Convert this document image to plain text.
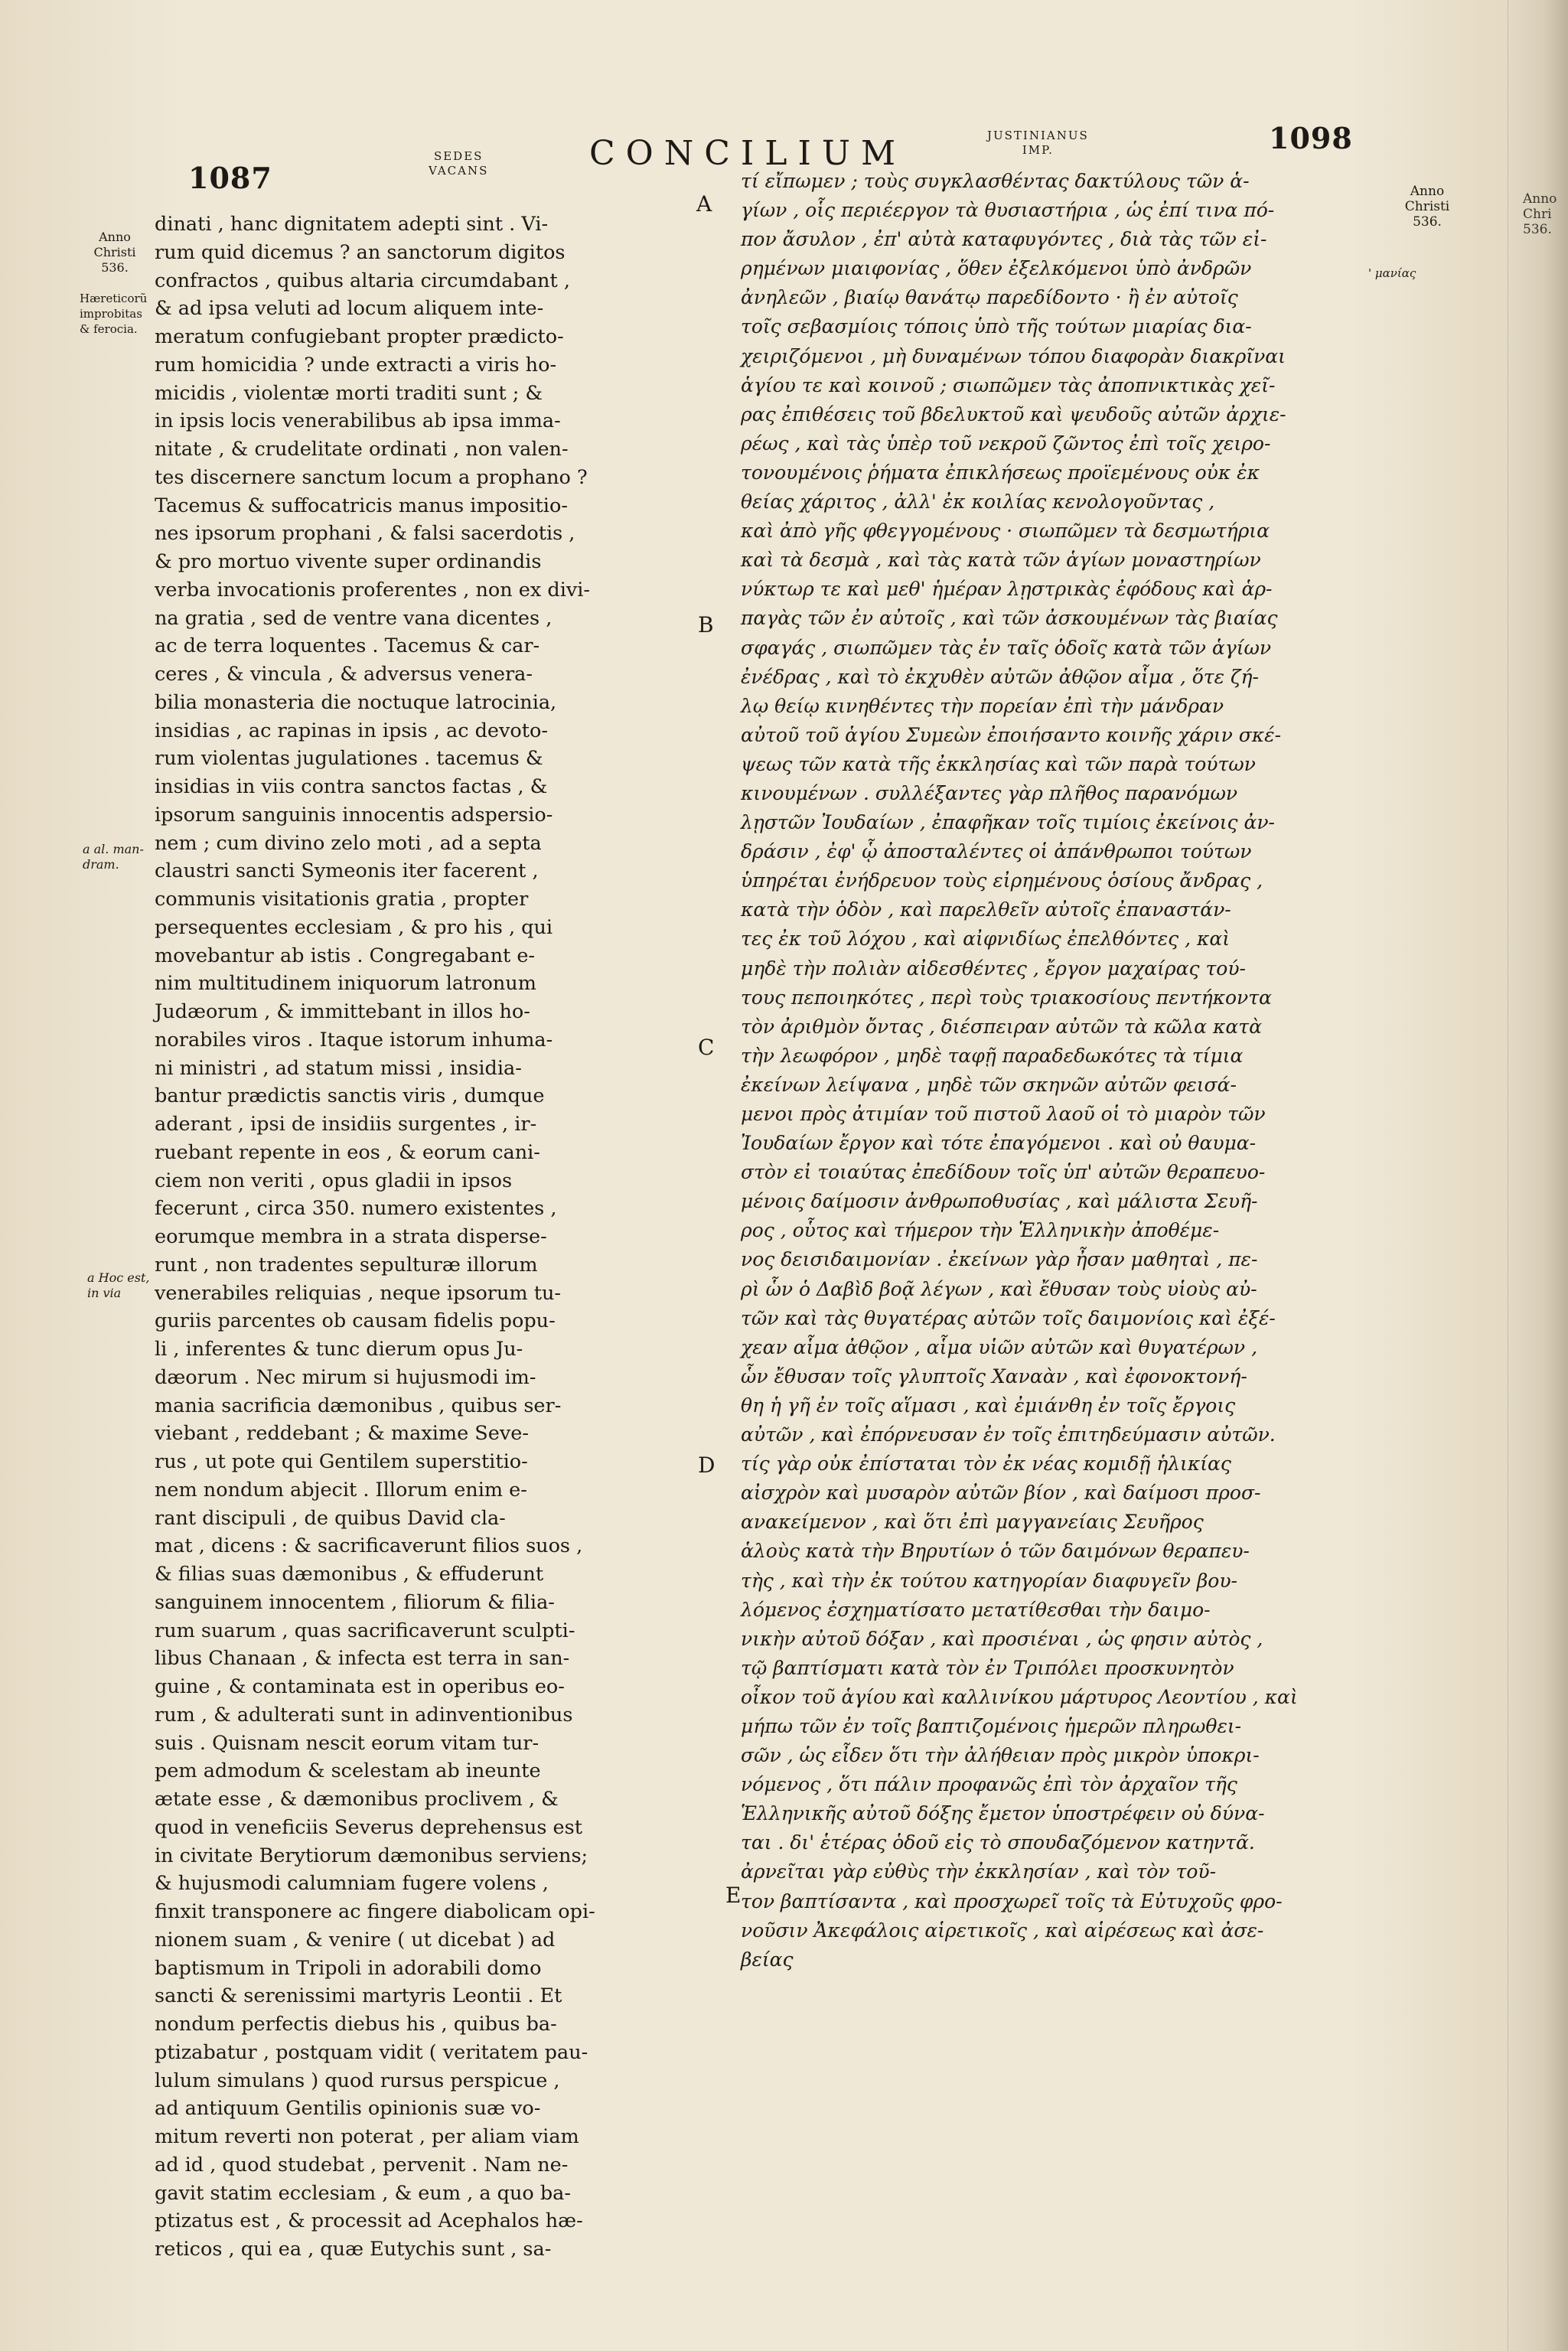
Anno
Chri
536.
1087
SEDES
VACANS	CONCILIUM	JUSTINIANUS
IMP.	1098
Anno
Christi
536.
Hæreticorũ
improbitas
& ferocia.
a al. man-
dram.
a Hoc est,
in via
Anno
Christi
536.
' μανίας
A
B
C
D
E
dinati , hanc dignitatem adepti sint . Vi-
rum quid dicemus ? an sanctorum digitos
confractos , quibus altaria circumdabant ,
& ad ipsa veluti ad locum aliquem inte-
meratum confugiebant propter prædicto-
rum homicidia ? unde extracti a viris ho-
micidis , violentæ morti traditi sunt ; &
in ipsis locis venerabilibus ab ipsa imma-
nitate , & crudelitate ordinati , non valen-
tes discernere sanctum locum a prophano ?
Tacemus & suffocatricis manus impositio-
nes ipsorum prophani , & falsi sacerdotis ,
& pro mortuo vivente super ordinandis
verba invocationis proferentes , non ex divi-
na gratia , sed de ventre vana dicentes ,
ac de terra loquentes . Tacemus & car-
ceres , & vincula , & adversus venera-
bilia monasteria die noctuque latrocinia,
insidias , ac rapinas in ipsis , ac devoto-
rum violentas jugulationes . tacemus &
insidias in viis contra sanctos factas , &
ipsorum sanguinis innocentis adspersio-
nem ; cum divino zelo moti , ad a septa
claustri sancti Symeonis iter facerent ,
communis visitationis gratia , propter
persequentes ecclesiam , & pro his , qui
movebantur ab istis . Congregabant e-
nim multitudinem iniquorum latronum
Judæorum , & immittebant in illos ho-
norabiles viros . Itaque istorum inhuma-
ni ministri , ad statum missi , insidia-
bantur prædictis sanctis viris , dumque
aderant , ipsi de insidiis surgentes , ir-
ruebant repente in eos , & eorum cani-
ciem non veriti , opus gladii in ipsos
fecerunt , circa 350. numero existentes ,
eorumque membra in a strata dispersе-
runt , non tradentes sepulturæ illorum
venerabiles reliquias , neque ipsorum tu-
guriis parcentes ob causam fidelis popu-
li , inferentes & tunc dierum opus Ju-
dæorum . Nec mirum si hujusmodi im-
mania sacrificia dæmonibus , quibus ser-
viebant , reddebant ; & maxime Seve-
rus , ut pote qui Gentilem superstitio-
nem nondum abjecit . Illorum enim e-
rant discipuli , de quibus David cla-
mat , dicens : & sacrificaverunt filios suos ,
& filias suas dæmonibus , & effuderunt
sanguinem innocentem , filiorum & filia-
rum suarum , quas sacrificaverunt sculpti-
libus Chanaan , & infecta est terra in san-
guine , & contaminata est in operibus eo-
rum , & adulterati sunt in adinventionibus
suis . Quisnam nescit eorum vitam tur-
pem admodum & scelestam ab ineunte
ætate esse , & dæmonibus proclivem , &
quod in veneficiis Severus deprehensus est
in civitate Berytiorum dæmonibus serviens;
& hujusmodi calumniam fugere volens ,
finxit transponere ac fingere diabolicam opi-
nionem suam , & venire ( ut dicebat ) ad
baptismum in Tripoli in adorabili domo
sancti & serenissimi martyris Leontii . Et
nondum perfectis diebus his , quibus ba-
ptizabatur , postquam vidit ( veritatem pau-
lulum simulans ) quod rursus perspicue ,
ad antiquum Gentilis opinionis suæ vo-
mitum reverti non poterat , per aliam viam
ad id , quod studebat , pervenit . Nam ne-
gavit statim ecclesiam , & eum , a quo ba-
ptizatus est , & processit ad Acephalos hæ-
reticos , qui ea , quæ Eutychis sunt , sa-
τί εἴπωμεν ; τοὺς συγκλασθέντας δακτύλους τῶν ἁ-
γίων , οἷς περιέεργον τὰ θυσιαστήρια , ὡς ἐπί τινα πό-
πον ἄσυλον , ἐπ' αὐτὰ καταφυγόντες , διὰ τὰς τῶν εἰ-
ρημένων μιαιφονίας , ὅθεν ἐξελκόμενοι ὑπὸ ἀνδρῶν
ἀνηλεῶν , βιαίῳ θανάτῳ παρεδίδοντο · ἢ ἐν αὐτοῖς
τοῖς σεβασμίοις τόποις ὑπὸ τῆς τούτων μιαρίας δια-
χειριζόμενοι , μὴ δυναμένων τόπου διαφορὰν διακρῖναι
ἁγίου τε καὶ κοινοῦ ; σιωπῶμεν τὰς ἀποπνικτικὰς χεῖ-
ρας ἐπιθέσεις τοῦ βδελυκτοῦ καὶ ψευδοῦς αὐτῶν ἀρχιε-
ρέως , καὶ τὰς ὑπὲρ τοῦ νεκροῦ ζῶντος ἐπὶ τοῖς χειρο-
τονουμένοις ῥήματα ἐπικλήσεως προϊεμένους οὐκ ἐκ
θείας χάριτος , ἀλλ' ἐκ κοιλίας κενολογοῦντας ,
καὶ ἀπὸ γῆς φθεγγομένους · σιωπῶμεν τὰ δεσμωτήρια
καὶ τὰ δεσμὰ , καὶ τὰς κατὰ τῶν ἁγίων μοναστηρίων
νύκτωρ τε καὶ μεθ' ἡμέραν λῃστρικὰς ἐφόδους καὶ ἁρ-
παγὰς τῶν ἐν αὐτοῖς , καὶ τῶν ἀσκουμένων τὰς βιαίας
σφαγάς , σιωπῶμεν τὰς ἐν ταῖς ὁδοῖς κατὰ τῶν ἁγίων
ἐνέδρας , καὶ τὸ ἐκχυθὲν αὐτῶν ἀθῷον αἷμα , ὅτε ζή-
λῳ θείῳ κινηθέντες τὴν πορείαν ἐπὶ τὴν μάνδραν
αὐτοῦ τοῦ ἁγίου Συμεὼν ἐποιήσαντο κοινῆς χάριν σκέ-
ψεως τῶν κατὰ τῆς ἐκκλησίας καὶ τῶν παρὰ τούτων
κινουμένων . συλλέξαντες γὰρ πλῆθος παρανόμων
λῃστῶν Ἰουδαίων , ἐπαφῆκαν τοῖς τιμίοις ἐκείνοις ἀν-
δράσιν , ἐφ' ᾧ ἀποσταλέντες οἱ ἀπάνθρωποι τούτων
ὑπηρέται ἐνήδρευον τοὺς εἰρημένους ὁσίους ἄνδρας ,
κατὰ τὴν ὁδὸν , καὶ παρελθεῖν αὐτοῖς ἐπαναστάν-
τες ἐκ τοῦ λόχου , καὶ αἰφνιδίως ἐπελθόντες , καὶ
μηδὲ τὴν πολιὰν αἰδεσθέντες , ἔργον μαχαίρας τού-
τους πεποιηκότες , περὶ τοὺς τριακοσίους πεντήκοντα
τὸν ἀριθμὸν ὄντας , διέσπειραν αὐτῶν τὰ κῶλα κατὰ
τὴν λεωφόρον , μηδὲ ταφῇ παραδεδωκότες τὰ τίμια
ἐκείνων λείψανα , μηδὲ τῶν σκηνῶν αὐτῶν φεισά-
μενοι πρὸς ἀτιμίαν τοῦ πιστοῦ λαοῦ οἱ τὸ μιαρὸν τῶν
Ἰουδαίων ἔργον καὶ τότε ἐπαγόμενοι . καὶ οὐ θαυμα-
στὸν εἰ τοιαύτας ἐπεδίδουν τοῖς ὑπ' αὐτῶν θεραπευο-
μένοις δαίμοσιν ἀνθρωποθυσίας , καὶ μάλιστα Σευῆ-
ρος , οὗτος καὶ τήμερον τὴν Ἑλληνικὴν ἀποθέμε-
νος δεισιδαιμονίαν . ἐκείνων γὰρ ἦσαν μαθηταὶ , πε-
ρὶ ὧν ὁ Δαβὶδ βοᾷ λέγων , καὶ ἔθυσαν τοὺς υἱοὺς αὐ-
τῶν καὶ τὰς θυγατέρας αὐτῶν τοῖς δαιμονίοις καὶ ἐξέ-
χεαν αἷμα ἀθῷον , αἷμα υἱῶν αὐτῶν καὶ θυγατέρων ,
ὧν ἔθυσαν τοῖς γλυπτοῖς Χαναὰν , καὶ ἐφονοκτονή-
θη ἡ γῆ ἐν τοῖς αἵμασι , καὶ ἐμιάνθη ἐν τοῖς ἔργοις
αὐτῶν , καὶ ἐπόρνευσαν ἐν τοῖς ἐπιτηδεύμασιν αὐτῶν.
τίς γὰρ οὐκ ἐπίσταται τὸν ἐκ νέας κομιδῇ ἡλικίας
αἰσχρὸν καὶ μυσαρὸν αὐτῶν βίον , καὶ δαίμοσι προσ-
ανακείμενον , καὶ ὅτι ἐπὶ μαγγανείαις Σευῆρος
ἁλοὺς κατὰ τὴν Βηρυτίων ὁ τῶν δαιμόνων θεραπευ-
τὴς , καὶ τὴν ἐκ τούτου κατηγορίαν διαφυγεῖν βου-
λόμενος ἐσχηματίσατο μετατίθεσθαι τὴν δαιμο-
νικὴν αὐτοῦ δόξαν , καὶ προσιέναι , ὡς φησιν αὐτὸς ,
τῷ βαπτίσματι κατὰ τὸν ἐν Τριπόλει προσκυνητὸν
οἶκον τοῦ ἁγίου καὶ καλλινίκου μάρτυρος Λεοντίου , καὶ
μήπω τῶν ἐν τοῖς βαπτιζομένοις ἡμερῶν πληρωθει-
σῶν , ὡς εἶδεν ὅτι τὴν ἀλήθειαν πρὸς μικρὸν ὑποκρι-
νόμενος , ὅτι πάλιν προφανῶς ἐπὶ τὸν ἀρχαῖον τῆς
Ἑλληνικῆς αὐτοῦ δόξης ἔμετον ὑποστρέφειν οὐ δύνα-
ται . δι' ἑτέρας ὁδοῦ εἰς τὸ σπουδαζόμενον κατηντᾶ.
ἀρνεῖται γὰρ εὐθὺς τὴν ἐκκλησίαν , καὶ τὸν τοῦ-
τον βαπτίσαντα , καὶ προσχωρεῖ τοῖς τὰ Εὐτυχοῦς φρο-
νοῦσιν Ἀκεφάλοις αἱρετικοῖς , καὶ αἱρέσεως καὶ ἀσε-
βείας
